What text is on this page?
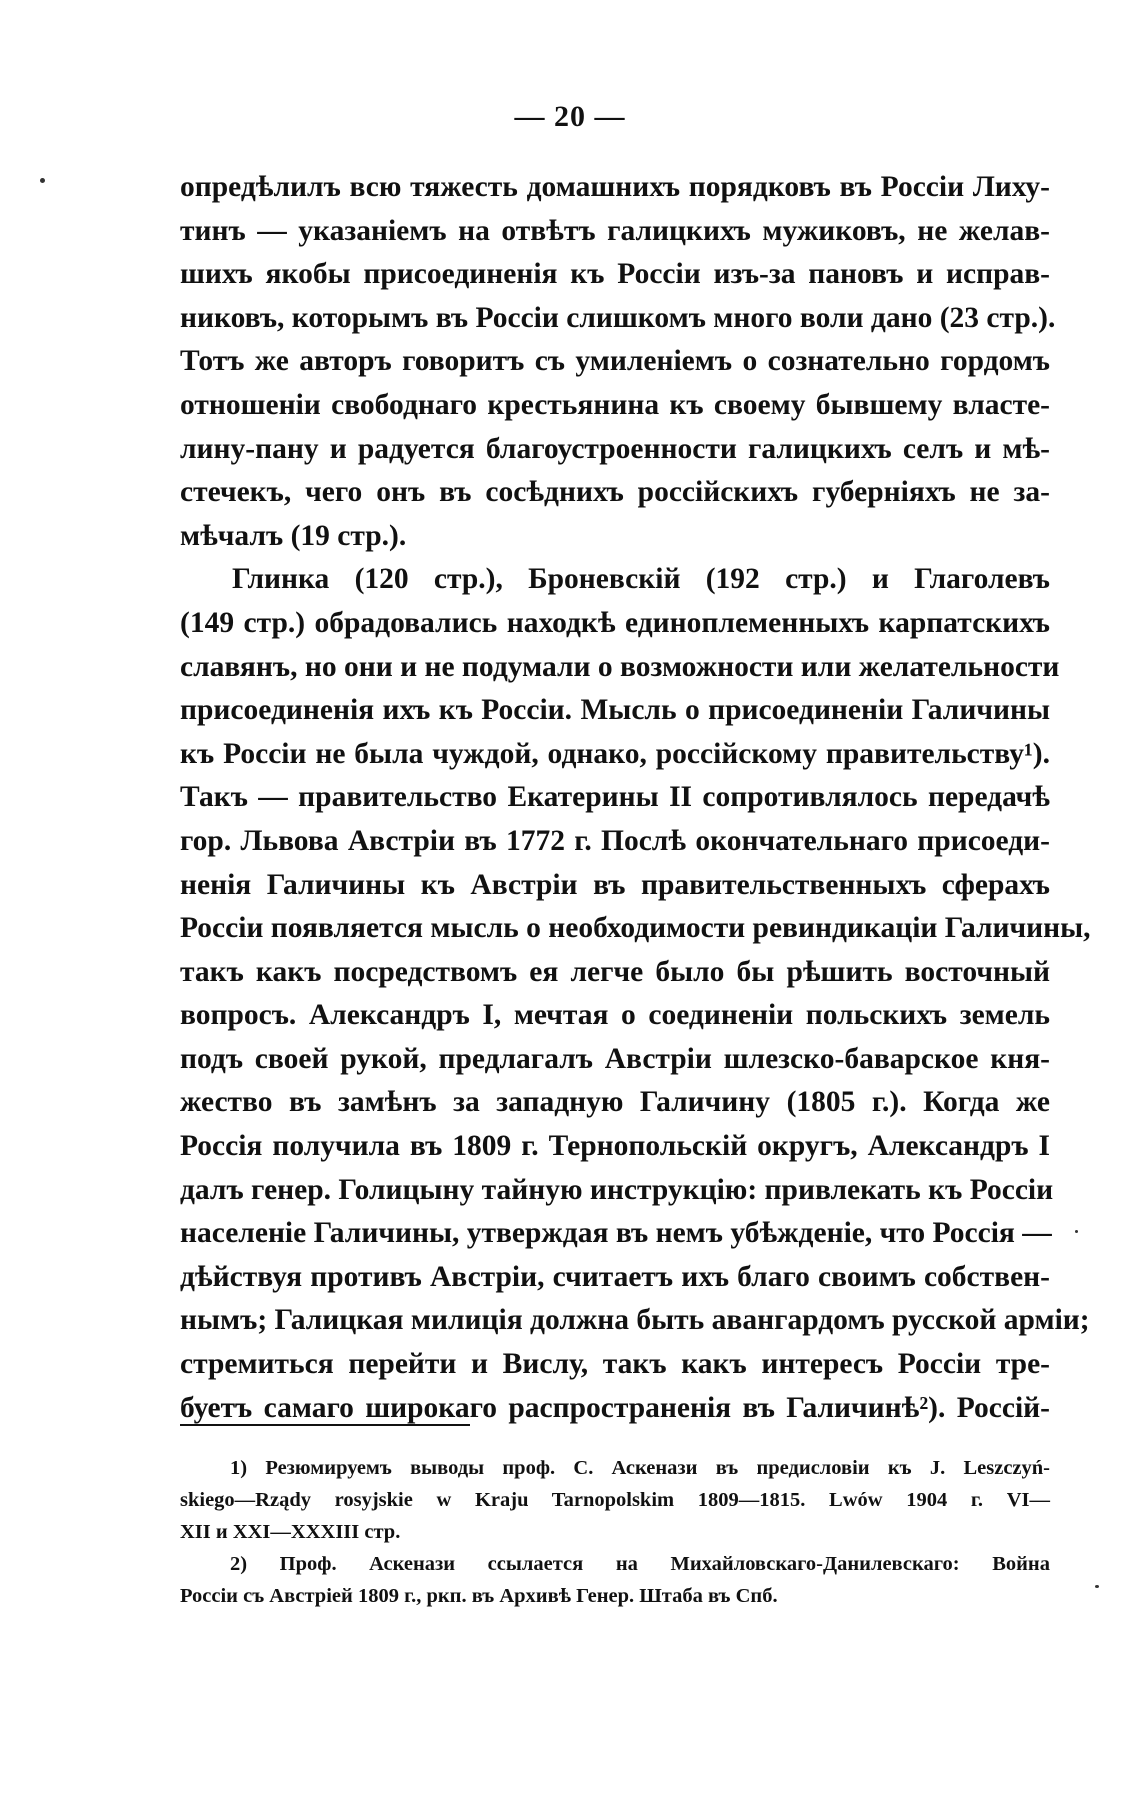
— 20 —
опредѣлилъ всю тяжесть домашнихъ порядковъ въ Россіи Лиху-
тинъ — указаніемъ на отвѣтъ галицкихъ мужиковъ, не желав-
шихъ якобы присоединенія къ Россіи изъ-за пановъ и исправ-
никовъ, которымъ въ Россіи слишкомъ много воли дано (23 стр.).
Тотъ же авторъ говоритъ съ умиленіемъ о сознательно гордомъ
отношеніи свободнаго крестьянина къ своему бывшему власте-
лину-пану и радуется благоустроенности галицкихъ селъ и мѣ-
стечекъ, чего онъ въ сосѣднихъ россійскихъ губерніяхъ не за-
мѣчалъ (19 стр.).
Глинка (120 стр.), Броневскій (192 стр.) и Глаголевъ
(149 стр.) обрадовались находкѣ единоплеменныхъ карпатскихъ
славянъ, но они и не подумали о возможности или желательности
присоединенія ихъ къ Россіи. Мысль о присоединеніи Галичины
къ Россіи не была чуждой, однако, россійскому правительству¹).
Такъ — правительство Екатерины II сопротивлялось передачѣ
гор. Львова Австріи въ 1772 г. Послѣ окончательнаго присоеди-
ненія Галичины къ Австріи въ правительственныхъ сферахъ
Россіи появляется мысль о необходимости ревиндикаціи Галичины,
такъ какъ посредствомъ ея легче было бы рѣшить восточный
вопросъ. Александръ I, мечтая о соединеніи польскихъ земель
подъ своей рукой, предлагалъ Австріи шлезско-баварское кня-
жество въ замѣнъ за западную Галичину (1805 г.). Когда же
Россія получила въ 1809 г. Тернопольскій округъ, Александръ I
далъ генер. Голицыну тайную инструкцію: привлекать къ Россіи
населеніе Галичины, утверждая въ немъ убѣжденіе, что Россія —
дѣйствуя противъ Австріи, считаетъ ихъ благо своимъ собствен-
нымъ; Галицкая милиція должна быть авангардомъ русской арміи;
стремиться перейти и Вислу, такъ какъ интересъ Россіи тре-
буетъ самаго широкаго распространенія въ Галичинѣ²). Россій-
1) Резюмируемъ выводы проф. С. Аскенази въ предисловіи къ J. Leszczyń-
skiego—Rządy rosyjskie w Kraju Tarnopolskim 1809—1815. Lwów 1904 г. VI—
XII и XXI—XXXIII стр.
2) Проф. Аскенази ссылается на Михайловскаго-Данилевскаго: Война
Россіи съ Австріей 1809 г., ркп. въ Архивѣ Генер. Штаба въ Спб.
